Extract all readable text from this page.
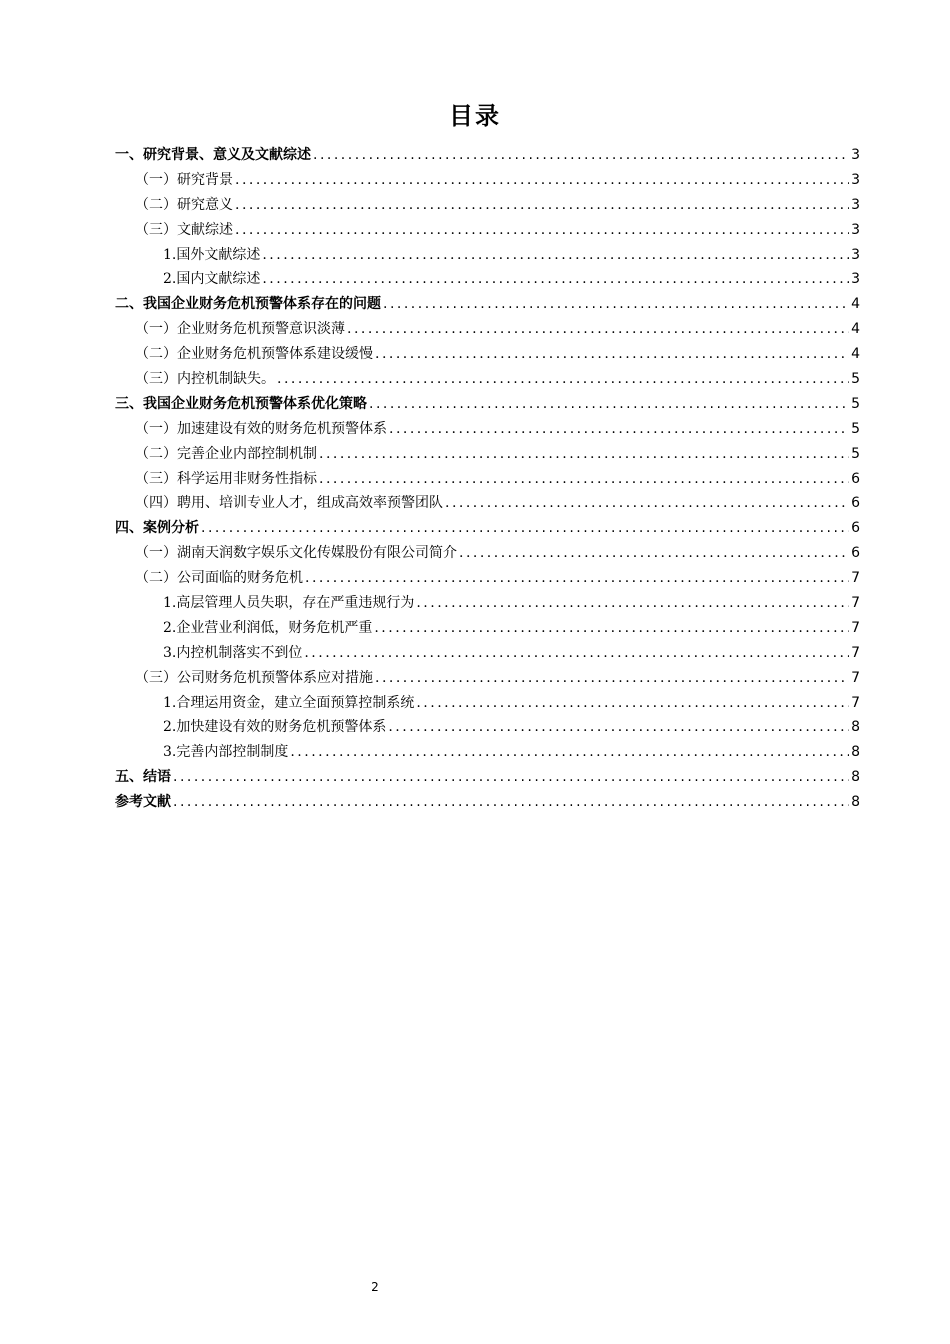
目录
一、研究背景、意义及文献综述 .....	3
（一）研究背景 .....	3
（二）研究意义 .....	3
（三）文献综述 .....	3
1.国外文献综述 .....	3
2.国内文献综述 .....	3
二、我国企业财务危机预警体系存在的问题 .....	4
（一）企业财务危机预警意识淡薄 .....	4
（二）企业财务危机预警体系建设缓慢 .....	4
（三）内控机制缺失。 .....	5
三、我国企业财务危机预警体系优化策略 .....	5
（一）加速建设有效的财务危机预警体系 .....	5
（二）完善企业内部控制机制 .....	5
（三）科学运用非财务性指标 .....	6
（四）聘用、培训专业人才，组成高效率预警团队 .....	6
四、案例分析 .....	6
（一）湖南天润数字娱乐文化传媒股份有限公司简介 .....	6
（二）公司面临的财务危机 .....	7
1.高层管理人员失职，存在严重违规行为 .....	7
2.企业营业利润低，财务危机严重 .....	7
3.内控机制落实不到位 .....	7
（三）公司财务危机预警体系应对措施 .....	7
1.合理运用资金，建立全面预算控制系统 .....	7
2.加快建设有效的财务危机预警体系 .....	8
3.完善内部控制制度 .....	8
五、结语 .....	8
参考文献 .....	8
2
